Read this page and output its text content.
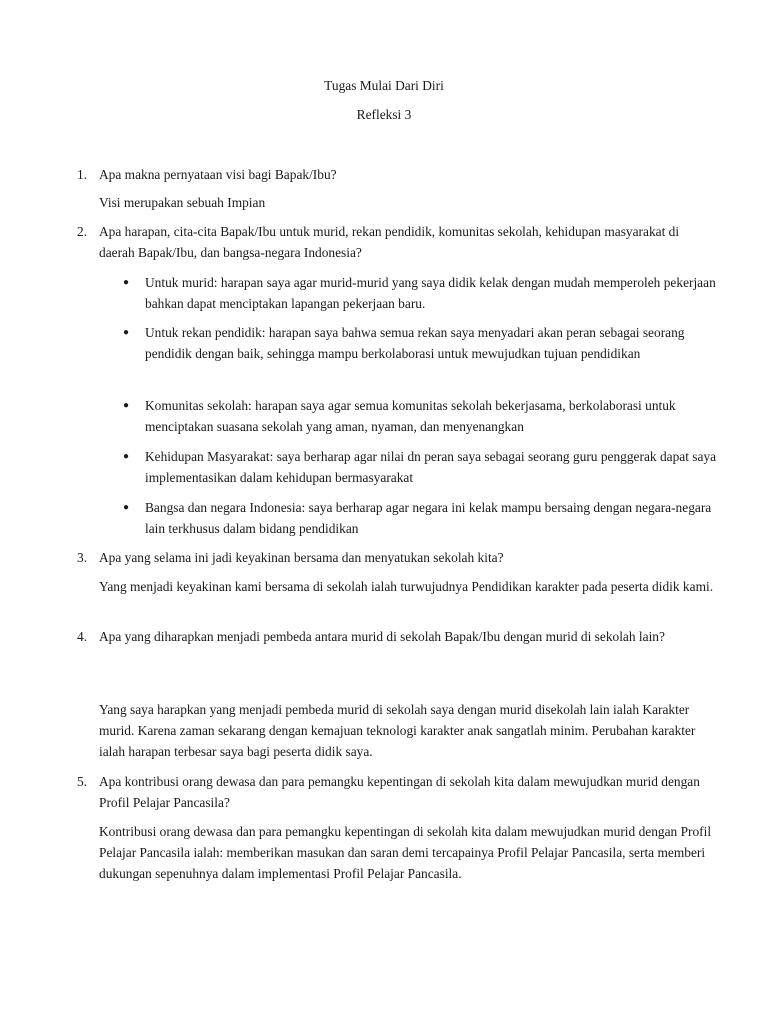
Tugas Mulai Dari Diri
Refleksi 3
1. Apa makna pernyataan visi bagi Bapak/Ibu?
Visi merupakan sebuah Impian
2. Apa harapan, cita-cita Bapak/Ibu untuk murid, rekan pendidik, komunitas sekolah, kehidupan masyarakat di daerah Bapak/Ibu, dan bangsa-negara Indonesia?
● Untuk murid: harapan saya agar murid-murid yang saya didik kelak dengan mudah memperoleh pekerjaan bahkan dapat menciptakan lapangan pekerjaan baru.
● Untuk rekan pendidik: harapan saya bahwa semua rekan saya menyadari akan peran sebagai seorang pendidik dengan baik, sehingga mampu berkolaborasi untuk mewujudkan tujuan pendidikan
● Komunitas sekolah: harapan saya agar semua komunitas sekolah bekerjasama, berkolaborasi untuk menciptakan suasana sekolah yang aman, nyaman, dan menyenangkan
● Kehidupan Masyarakat: saya berharap agar nilai dn peran saya sebagai seorang guru penggerak dapat saya implementasikan dalam kehidupan bermasyarakat
● Bangsa dan negara Indonesia: saya berharap agar negara ini kelak mampu bersaing dengan negara-negara lain terkhusus dalam bidang pendidikan
3. Apa yang selama ini jadi keyakinan bersama dan menyatukan sekolah kita?
Yang menjadi keyakinan kami bersama di sekolah ialah turwujudnya Pendidikan karakter pada peserta didik kami.
4. Apa yang diharapkan menjadi pembeda antara murid di sekolah Bapak/Ibu dengan murid di sekolah lain?
Yang saya harapkan yang menjadi pembeda murid di sekolah saya dengan murid disekolah lain ialah Karakter murid. Karena zaman sekarang dengan kemajuan teknologi karakter anak sangatlah minim. Perubahan karakter ialah harapan terbesar saya bagi peserta didik saya.
5. Apa kontribusi orang dewasa dan para pemangku kepentingan di sekolah kita dalam mewujudkan murid dengan Profil Pelajar Pancasila?
Kontribusi orang dewasa dan para pemangku kepentingan di sekolah kita dalam mewujudkan murid dengan Profil Pelajar Pancasila ialah: memberikan masukan dan saran demi tercapainya Profil Pelajar Pancasila, serta memberi dukungan sepenuhnya dalam implementasi Profil Pelajar Pancasila.
